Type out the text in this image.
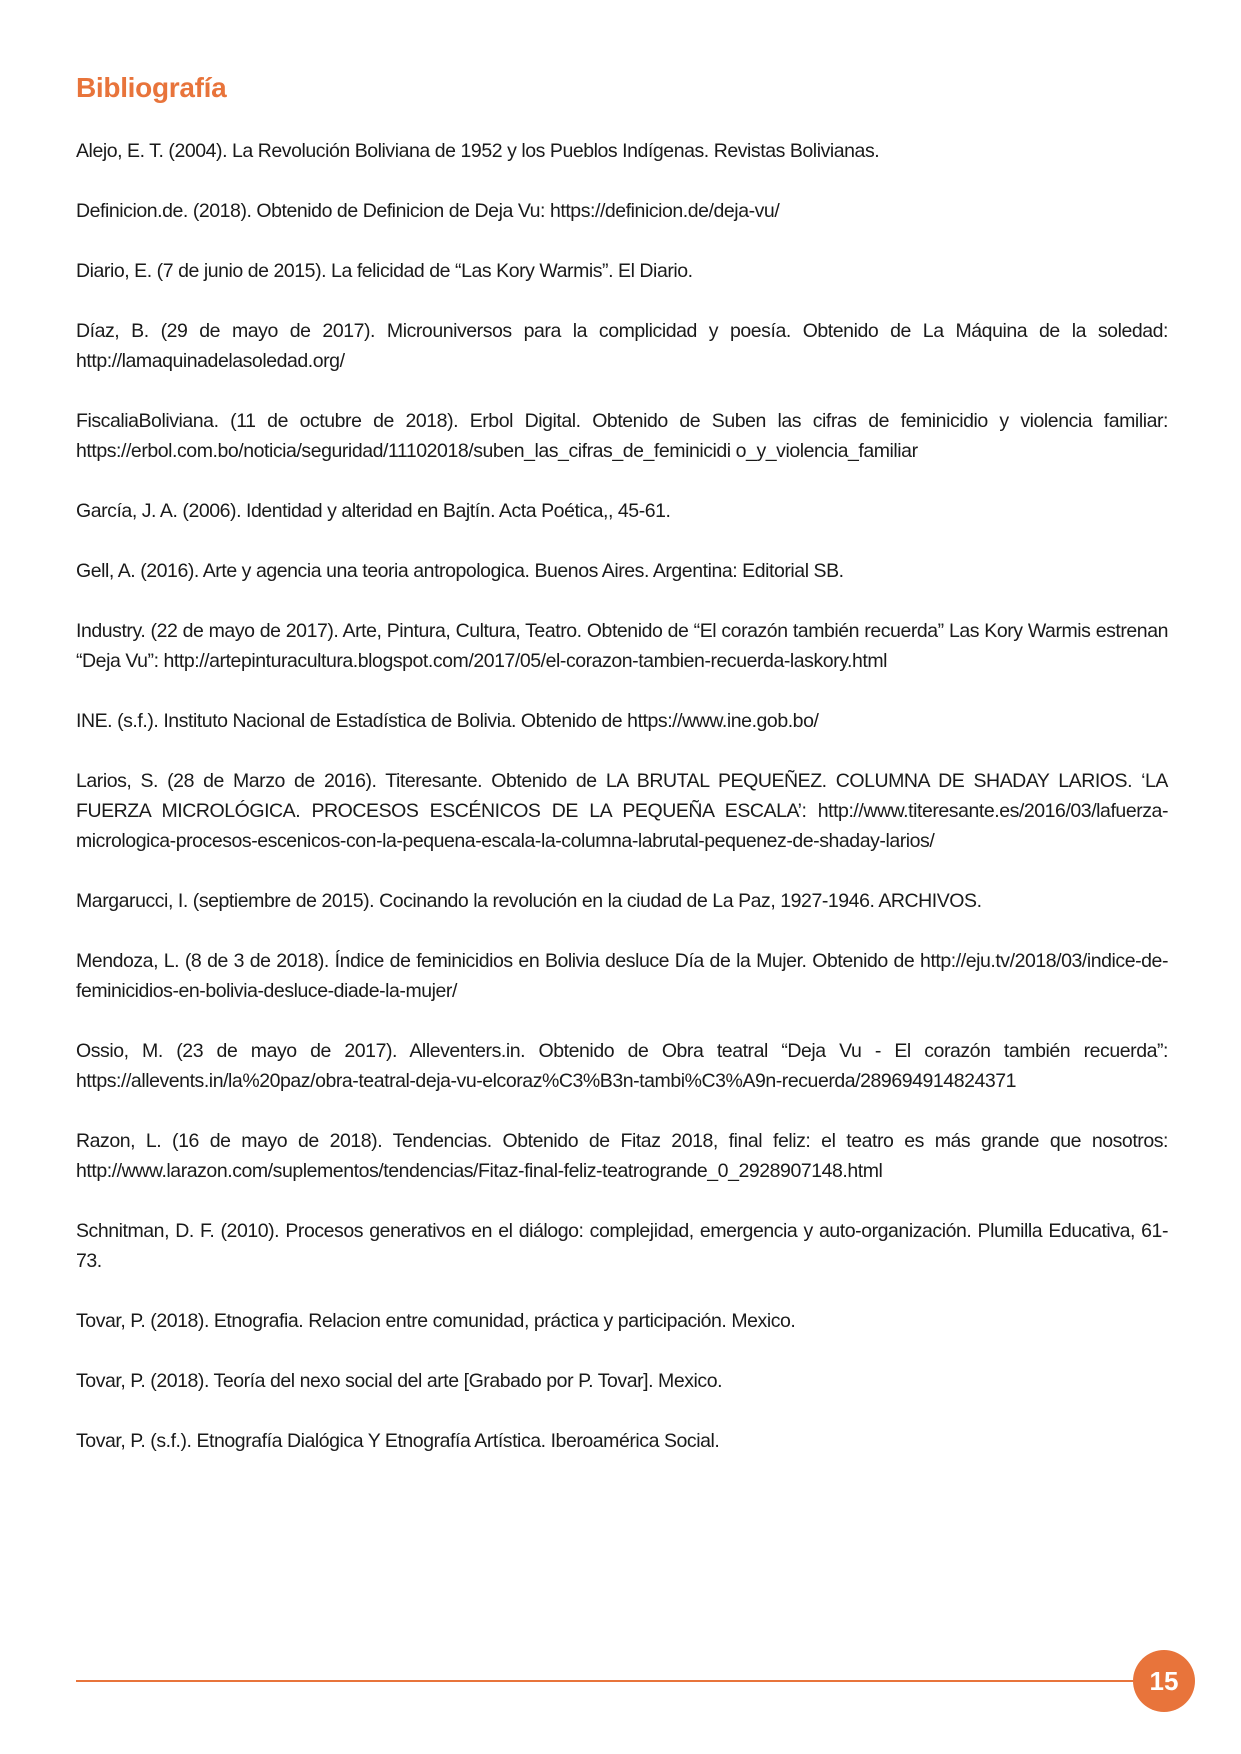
Bibliografía
Alejo, E. T. (2004). La Revolución Boliviana de 1952 y los Pueblos Indígenas. Revistas Bolivianas.
Definicion.de. (2018). Obtenido de Definicion de Deja Vu: https://definicion.de/deja-vu/
Diario, E. (7 de junio de 2015). La felicidad de “Las Kory Warmis”. El Diario.
Díaz, B. (29 de mayo de 2017). Microuniversos para la complicidad y poesía. Obtenido de La Máquina de la soledad: http://lamaquinadelasoledad.org/
FiscaliaBoliviana. (11 de octubre de 2018). Erbol Digital. Obtenido de Suben las cifras de feminicidio y violencia familiar: https://erbol.com.bo/noticia/seguridad/11102018/suben_las_cifras_de_feminicidi o_y_violencia_familiar
García, J. A. (2006). Identidad y alteridad en Bajtín. Acta Poética,, 45-61.
Gell, A. (2016). Arte y agencia una teoria antropologica. Buenos Aires. Argentina: Editorial SB.
Industry. (22 de mayo de 2017). Arte, Pintura, Cultura, Teatro. Obtenido de “El corazón también recuerda” Las Kory Warmis estrenan “Deja Vu”: http://artepinturacultura.blogspot.com/2017/05/el-corazon-tambien-recuerda-laskory.html
INE. (s.f.). Instituto Nacional de Estadística de Bolivia. Obtenido de https://www.ine.gob.bo/
Larios, S. (28 de Marzo de 2016). Titeresante. Obtenido de LA BRUTAL PEQUEÑEZ. COLUMNA DE SHADAY LARIOS. ‘LA FUERZA MICROLÓGICA. PROCESOS ESCÉNICOS DE LA PEQUEÑA ESCALA’: http://www.titeresante.es/2016/03/lafuerza-micrologica-procesos-escenicos-con-la-pequena-escala-la-columna-labrutal-pequenez-de-shaday-larios/
Margarucci, I. (septiembre de 2015). Cocinando la revolución en la ciudad de La Paz, 1927-1946. ARCHIVOS.
Mendoza, L. (8 de 3 de 2018). Índice de feminicidios en Bolivia desluce Día de la Mujer. Obtenido de http://eju.tv/2018/03/indice-de-feminicidios-en-bolivia-desluce-diade-la-mujer/
Ossio, M. (23 de mayo de 2017). Alleventers.in. Obtenido de Obra teatral “Deja Vu - El corazón también recuerda”: https://allevents.in/la%20paz/obra-teatral-deja-vu-elcoraz%C3%B3n-tambi%C3%A9n-recuerda/289694914824371
Razon, L. (16 de mayo de 2018). Tendencias. Obtenido de Fitaz 2018, final feliz: el teatro es más grande que nosotros: http://www.larazon.com/suplementos/tendencias/Fitaz-final-feliz-teatrogrande_0_2928907148.html
Schnitman, D. F. (2010). Procesos generativos en el diálogo: complejidad, emergencia y auto-organización. Plumilla Educativa, 61-73.
Tovar, P. (2018). Etnografia. Relacion entre comunidad, práctica y participación. Mexico.
Tovar, P. (2018). Teoría del nexo social del arte [Grabado por P. Tovar]. Mexico.
Tovar, P. (s.f.). Etnografía Dialógica Y Etnografía Artística. Iberoamérica Social.
15
